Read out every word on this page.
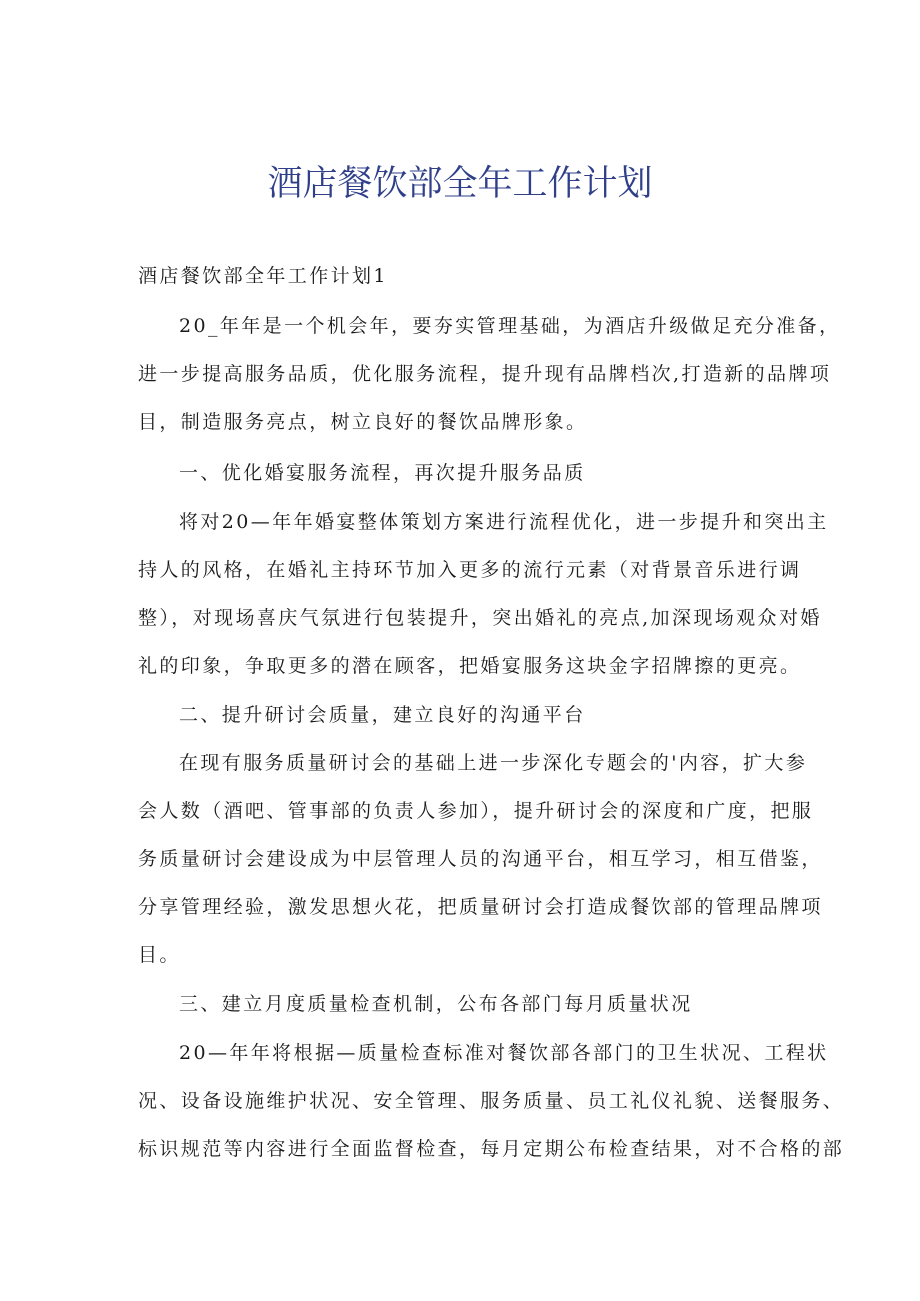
酒店餐饮部全年工作计划
酒店餐饮部全年工作计划1
20_年年是一个机会年，要夯实管理基础，为酒店升级做足充分准备，
进一步提高服务品质，优化服务流程，提升现有品牌档次,打造新的品牌项
目，制造服务亮点，树立良好的餐饮品牌形象。
一、优化婚宴服务流程，再次提升服务品质
将对20—年年婚宴整体策划方案进行流程优化，进一步提升和突出主
持人的风格，在婚礼主持环节加入更多的流行元素（对背景音乐进行调
整），对现场喜庆气氛进行包装提升，突出婚礼的亮点,加深现场观众对婚
礼的印象，争取更多的潜在顾客，把婚宴服务这块金字招牌擦的更亮。
二、提升研讨会质量，建立良好的沟通平台
在现有服务质量研讨会的基础上进一步深化专题会的'内容，扩大参
会人数（酒吧、管事部的负责人参加），提升研讨会的深度和广度，把服
务质量研讨会建设成为中层管理人员的沟通平台，相互学习，相互借鉴，
分享管理经验，激发思想火花，把质量研讨会打造成餐饮部的管理品牌项
目。
三、建立月度质量检查机制，公布各部门每月质量状况
20—年年将根据—质量检查标准对餐饮部各部门的卫生状况、工程状
况、设备设施维护状况、安全管理、服务质量、员工礼仪礼貌、送餐服务、
标识规范等内容进行全面监督检查，每月定期公布检查结果，对不合格的部
